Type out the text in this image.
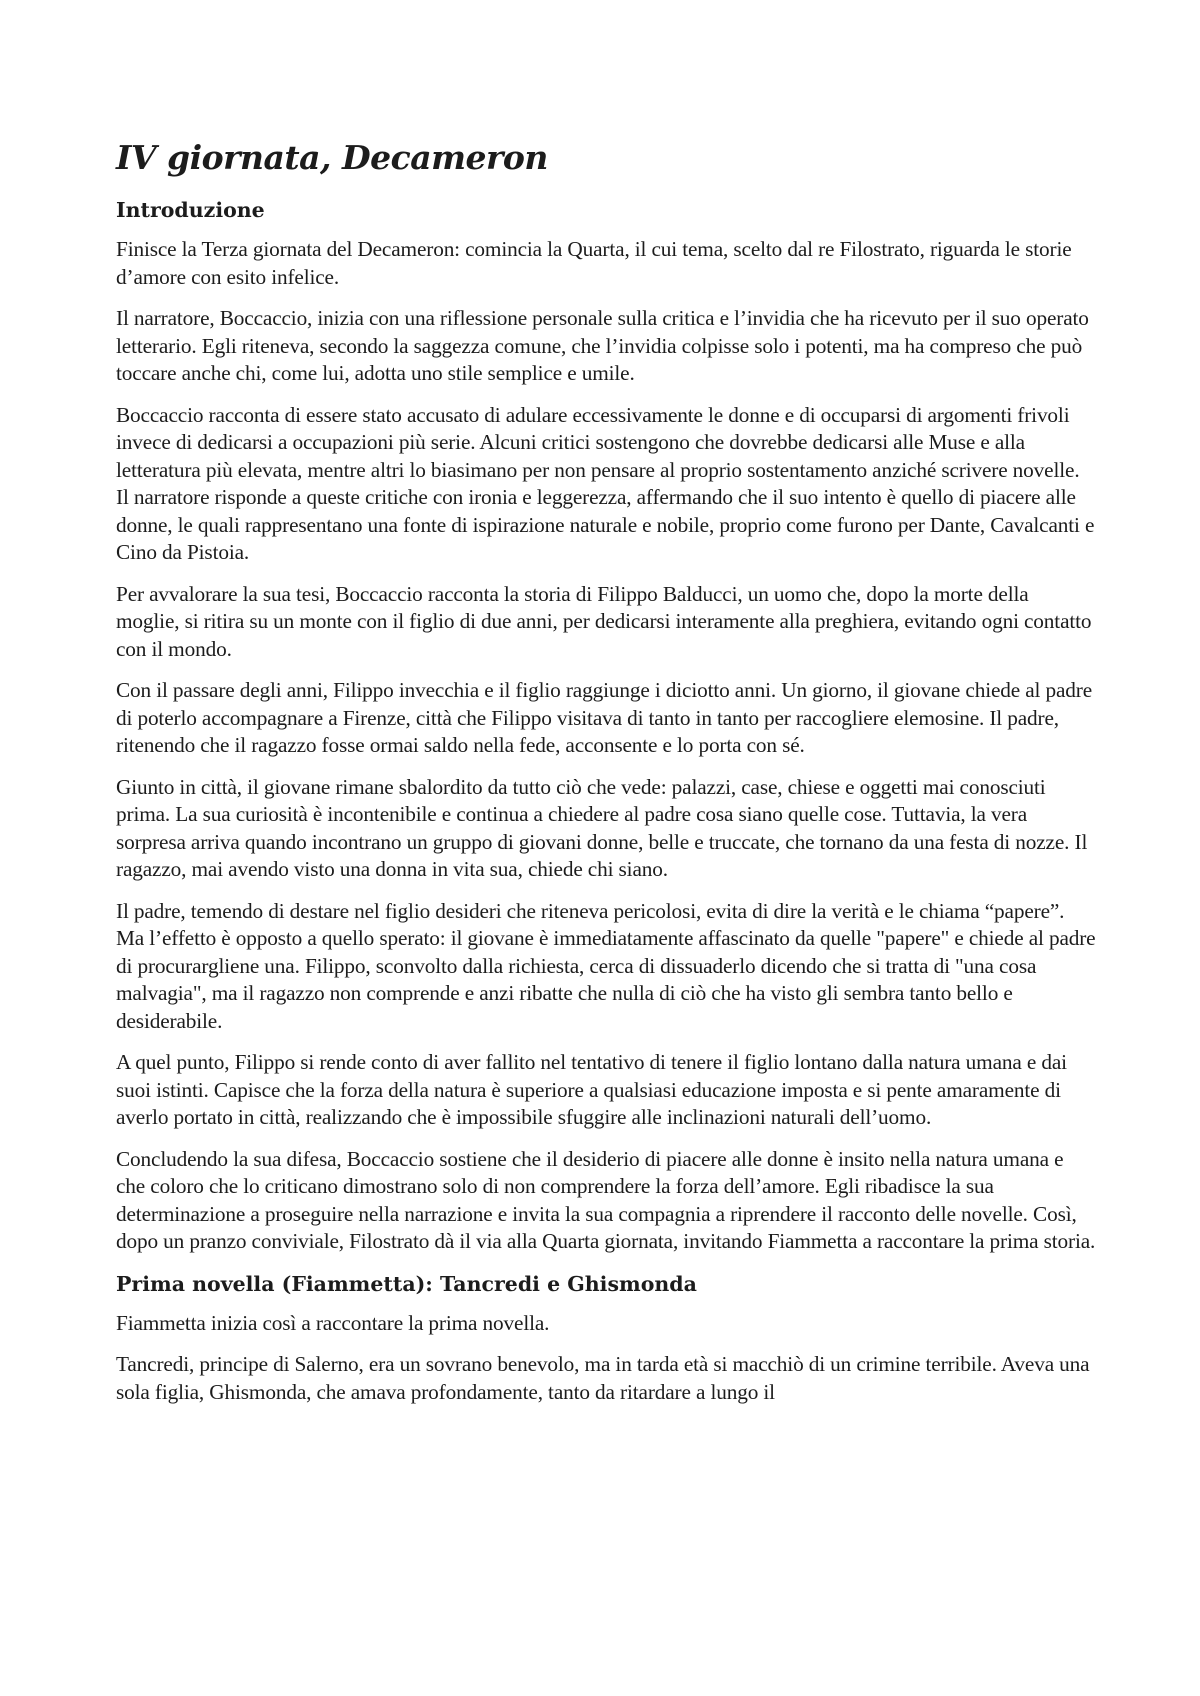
IV giornata, Decameron
Introduzione

Finisce la Terza giornata del Decameron: comincia la Quarta, il cui tema, scelto dal re Filostrato, riguarda le storie d’amore con esito infelice.

Il narratore, Boccaccio, inizia con una riflessione personale sulla critica e l’invidia che ha ricevuto per il suo operato letterario. Egli riteneva, secondo la saggezza comune, che l’invidia colpisse solo i potenti, ma ha compreso che può toccare anche chi, come lui, adotta uno stile semplice e umile.

Boccaccio racconta di essere stato accusato di adulare eccessivamente le donne e di occuparsi di argomenti frivoli invece di dedicarsi a occupazioni più serie. Alcuni critici sostengono che dovrebbe dedicarsi alle Muse e alla letteratura più elevata, mentre altri lo biasimano per non pensare al proprio sostentamento anziché scrivere novelle. Il narratore risponde a queste critiche con ironia e leggerezza, affermando che il suo intento è quello di piacere alle donne, le quali rappresentano una fonte di ispirazione naturale e nobile, proprio come furono per Dante, Cavalcanti e Cino da Pistoia.

Per avvalorare la sua tesi, Boccaccio racconta la storia di Filippo Balducci, un uomo che, dopo la morte della moglie, si ritira su un monte con il figlio di due anni, per dedicarsi interamente alla preghiera, evitando ogni contatto con il mondo.

Con il passare degli anni, Filippo invecchia e il figlio raggiunge i diciotto anni. Un giorno, il giovane chiede al padre di poterlo accompagnare a Firenze, città che Filippo visitava di tanto in tanto per raccogliere elemosine. Il padre, ritenendo che il ragazzo fosse ormai saldo nella fede, acconsente e lo porta con sé.

Giunto in città, il giovane rimane sbalordito da tutto ciò che vede: palazzi, case, chiese e oggetti mai conosciuti prima. La sua curiosità è incontenibile e continua a chiedere al padre cosa siano quelle cose. Tuttavia, la vera sorpresa arriva quando incontrano un gruppo di giovani donne, belle e truccate, che tornano da una festa di nozze. Il ragazzo, mai avendo visto una donna in vita sua, chiede chi siano.

Il padre, temendo di destare nel figlio desideri che riteneva pericolosi, evita di dire la verità e le chiama “papere”. Ma l’effetto è opposto a quello sperato: il giovane è immediatamente affascinato da quelle "papere" e chiede al padre di procurargliene una. Filippo, sconvolto dalla richiesta, cerca di dissuaderlo dicendo che si tratta di "una cosa malvagia", ma il ragazzo non comprende e anzi ribatte che nulla di ciò che ha visto gli sembra tanto bello e desiderabile.

A quel punto, Filippo si rende conto di aver fallito nel tentativo di tenere il figlio lontano dalla natura umana e dai suoi istinti. Capisce che la forza della natura è superiore a qualsiasi educazione imposta e si pente amaramente di averlo portato in città, realizzando che è impossibile sfuggire alle inclinazioni naturali dell’uomo.

Concludendo la sua difesa, Boccaccio sostiene che il desiderio di piacere alle donne è insito nella natura umana e che coloro che lo criticano dimostrano solo di non comprendere la forza dell’amore. Egli ribadisce la sua determinazione a proseguire nella narrazione e invita la sua compagnia a riprendere il racconto delle novelle. Così, dopo un pranzo conviviale, Filostrato dà il via alla Quarta giornata, invitando Fiammetta a raccontare la prima storia.

Prima novella (Fiammetta): Tancredi e Ghismonda

Fiammetta inizia così a raccontare la prima novella.

Tancredi, principe di Salerno, era un sovrano benevolo, ma in tarda età si macchiò di un crimine terribile. Aveva una sola figlia, Ghismonda, che amava profondamente, tanto da ritardare a lungo il
